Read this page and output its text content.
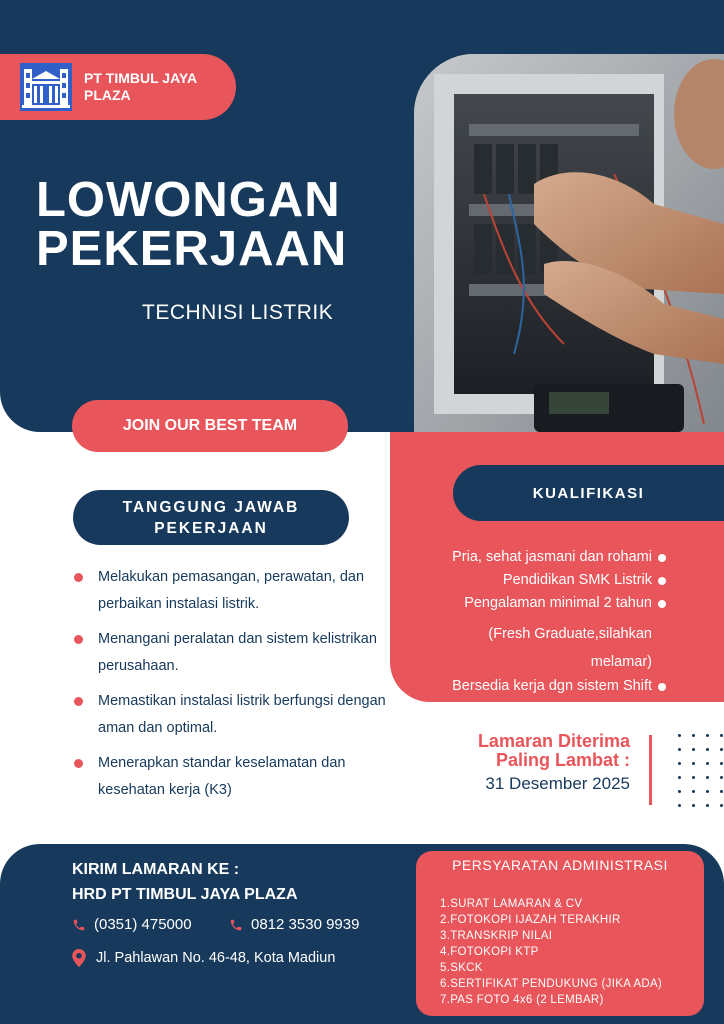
PT TIMBUL JAYA PLAZA
LOWONGAN
PEKERJAAN
TECHNISI LISTRIK
JOIN OUR BEST TEAM
KUALIFIKASI
Pria, sehat jasmani dan rohami
Pendidikan SMK Listrik
Pengalaman minimal 2 tahun
(Fresh Graduate,silahkan
melamar)
Bersedia kerja dgn sistem Shift
TANGGUNG JAWAB
PEKERJAAN
Melakukan pemasangan, perawatan, dan perbaikan instalasi listrik.
Menangani peralatan dan sistem kelistrikan perusahaan.
Memastikan instalasi listrik berfungsi dengan aman dan optimal.
Menerapkan standar keselamatan dan kesehatan kerja (K3)
Lamaran Diterima
Paling Lambat :
31 Desember 2025
KIRIM LAMARAN KE :
HRD PT TIMBUL JAYA PLAZA
(0351) 475000	0812 3530 9939
Jl. Pahlawan No. 46-48, Kota Madiun
PERSYARATAN ADMINISTRASI
1.SURAT LAMARAN & CV
2.FOTOKOPI IJAZAH TERAKHIR
3.TRANSKRIP NILAI
4.FOTOKOPI KTP
5.SKCK
6.SERTIFIKAT PENDUKUNG (JIKA ADA)
7.PAS FOTO 4x6 (2 LEMBAR)
